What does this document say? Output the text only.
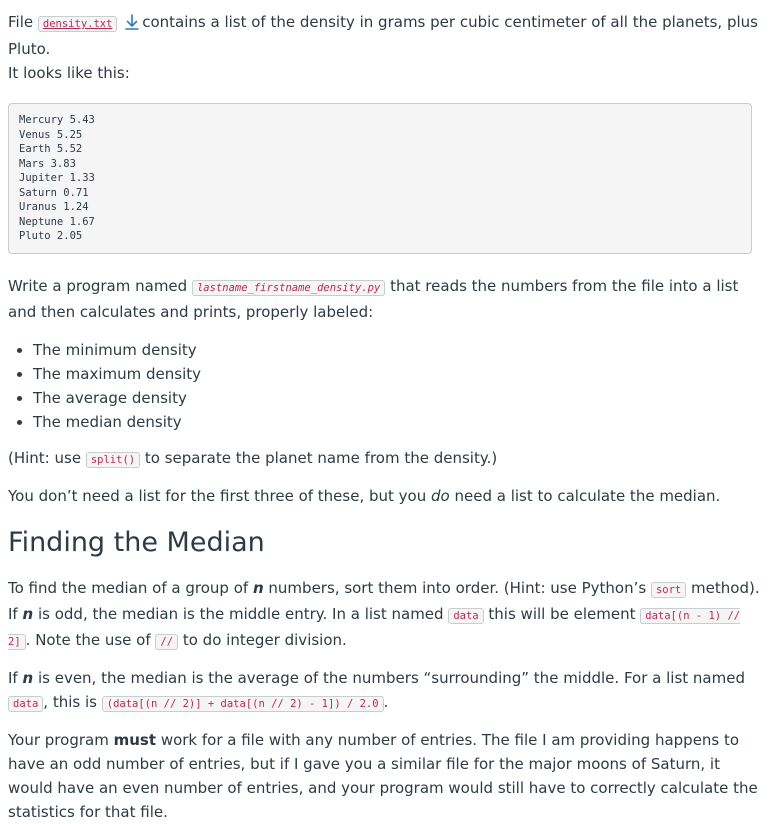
File density.txt contains a list of the density in grams per cubic centimeter of all the planets, plus Pluto.
It looks like this:

Mercury 5.43
Venus 5.25
Earth 5.52
Mars 3.83
Jupiter 1.33
Saturn 0.71
Uranus 1.24
Neptune 1.67
Pluto 2.05

Write a program named lastname_firstname_density.py that reads the numbers from the file into a list and then calculates and prints, properly labeled:

• The minimum density
• The maximum density
• The average density
• The median density

(Hint: use split() to separate the planet name from the density.)

You don’t need a list for the first three of these, but you do need a list to calculate the median.

Finding the Median

To find the median of a group of n numbers, sort them into order. (Hint: use Python’s sort method). If n is odd, the median is the middle entry. In a list named data this will be element data[(n - 1) // 2] . Note the use of // to do integer division.

If n is even, the median is the average of the numbers “surrounding” the middle. For a list named data , this is (data[(n // 2)] + data[(n // 2) - 1]) / 2.0 .

Your program must work for a file with any number of entries. The file I am providing happens to have an odd number of entries, but if I gave you a similar file for the major moons of Saturn, it would have an even number of entries, and your program would still have to correctly calculate the statistics for that file.
